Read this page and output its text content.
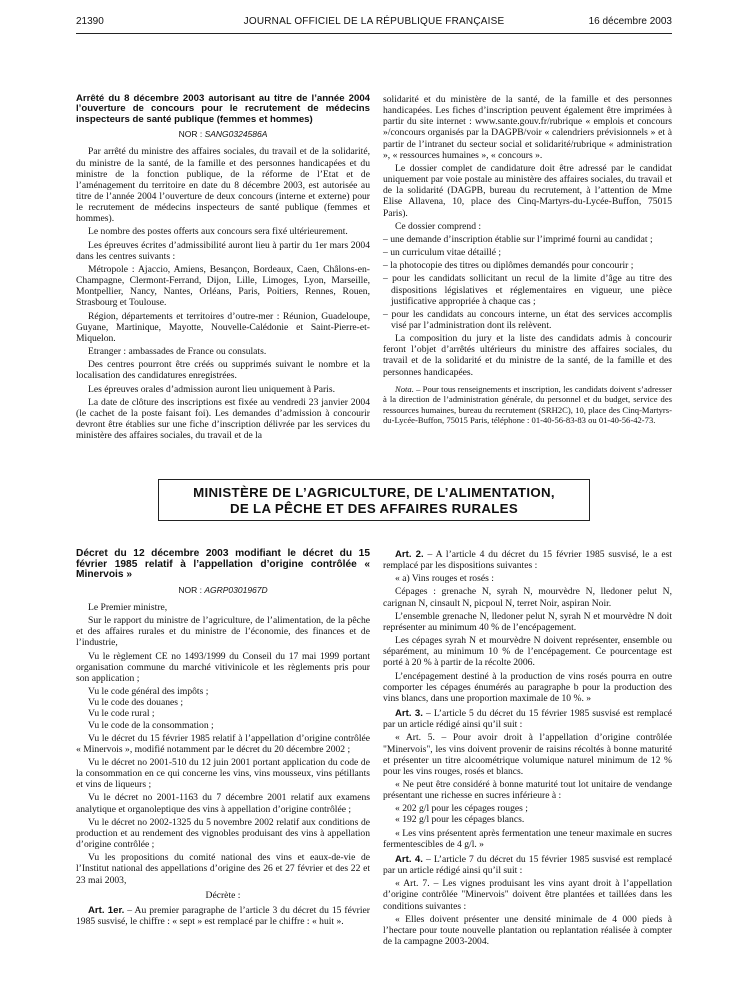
21390	JOURNAL OFFICIEL DE LA RÉPUBLIQUE FRANÇAISE	16 décembre 2003
Arrêté du 8 décembre 2003 autorisant au titre de l’année 2004 l’ouverture de concours pour le recrutement de médecins inspecteurs de santé publique (femmes et hommes)
NOR : SANG0324586A

Par arrêté du ministre des affaires sociales, du travail et de la solidarité, du ministre de la santé, de la famille et des personnes handicapées et du ministre de la fonction publique, de la réforme de l’Etat et de l’aménagement du territoire en date du 8 décembre 2003, est autorisée au titre de l’année 2004 l’ouverture de deux concours (interne et externe) pour le recrutement de médecins inspecteurs de santé publique (femmes et hommes).

Le nombre des postes offerts aux concours sera fixé ultérieurement.

Les épreuves écrites d’admissibilité auront lieu à partir du 1er mars 2004 dans les centres suivants :

Métropole : Ajaccio, Amiens, Besançon, Bordeaux, Caen, Châlons-en-Champagne, Clermont-Ferrand, Dijon, Lille, Limoges, Lyon, Marseille, Montpellier, Nancy, Nantes, Orléans, Paris, Poitiers, Rennes, Rouen, Strasbourg et Toulouse.

Région, départements et territoires d’outre-mer : Réunion, Guadeloupe, Guyane, Martinique, Mayotte, Nouvelle-Calédonie et Saint-Pierre-et-Miquelon.

Etranger : ambassades de France ou consulats.

Des centres pourront être créés ou supprimés suivant le nombre et la localisation des candidatures enregistrées.

Les épreuves orales d’admission auront lieu uniquement à Paris.

La date de clôture des inscriptions est fixée au vendredi 23 janvier 2004 (le cachet de la poste faisant foi). Les demandes d’admission à concourir devront être établies sur une fiche d’inscription délivrée par les services du ministère des affaires sociales, du travail et de la

solidarité et du ministère de la santé, de la famille et des personnes handicapées. Les fiches d’inscription peuvent également être imprimées à partir du site internet : www.sante.gouv.fr/rubrique « emplois et concours »/concours organisés par la DAGPB/voir « calendriers prévisionnels » et à partir de l’intranet du secteur social et solidarité/rubrique « administration », « ressources humaines », « concours ».

Le dossier complet de candidature doit être adressé par le candidat uniquement par voie postale au ministère des affaires sociales, du travail et de la solidarité (DAGPB, bureau du recrutement, à l’attention de Mme Elise Allavena, 10, place des Cinq-Martyrs-du-Lycée-Buffon, 75015 Paris).

Ce dossier comprend :

– une demande d’inscription établie sur l’imprimé fourni au candidat ;

– un curriculum vitae détaillé ;

– la photocopie des titres ou diplômes demandés pour concourir ;

– pour les candidats sollicitant un recul de la limite d’âge au titre des dispositions législatives et réglementaires en vigueur, une pièce justificative appropriée à chaque cas ;

– pour les candidats au concours interne, un état des services accomplis visé par l’administration dont ils relèvent.

La composition du jury et la liste des candidats admis à concourir feront l’objet d’arrêtés ultérieurs du ministre des affaires sociales, du travail et de la solidarité et du ministre de la santé, de la famille et des personnes handicapées.

Nota. – Pour tous renseignements et inscription, les candidats doivent s’adresser à la direction de l’administration générale, du personnel et du budget, service des ressources humaines, bureau du recrutement (SRH2C), 10, place des Cinq-Martyrs-du-Lycée-Buffon, 75015 Paris, téléphone : 01-40-56-83-83 ou 01-40-56-42-73.

MINISTÈRE DE L’AGRICULTURE, DE L’ALIMENTATION,
DE LA PÊCHE ET DES AFFAIRES RURALES
Décret du 12 décembre 2003 modifiant le décret du 15 février 1985 relatif à l’appellation d’origine contrôlée « Minervois »
NOR : AGRP0301967D

Le Premier ministre,

Sur le rapport du ministre de l’agriculture, de l’alimentation, de la pêche et des affaires rurales et du ministre de l’économie, des finances et de l’industrie,

Vu le règlement CE no 1493/1999 du Conseil du 17 mai 1999 portant organisation commune du marché vitivinicole et les règlements pris pour son application ;

Vu le code général des impôts ;

Vu le code des douanes ;

Vu le code rural ;

Vu le code de la consommation ;

Vu le décret du 15 février 1985 relatif à l’appellation d’origine contrôlée « Minervois », modifié notamment par le décret du 20 décembre 2002 ;

Vu le décret no 2001-510 du 12 juin 2001 portant application du code de la consommation en ce qui concerne les vins, vins mousseux, vins pétillants et vins de liqueurs ;

Vu le décret no 2001-1163 du 7 décembre 2001 relatif aux examens analytique et organoleptique des vins à appellation d’origine contrôlée ;

Vu le décret no 2002-1325 du 5 novembre 2002 relatif aux conditions de production et au rendement des vignobles produisant des vins à appellation d’origine contrôlée ;

Vu les propositions du comité national des vins et eaux-de-vie de l’Institut national des appellations d’origine des 26 et 27 février et des 22 et 23 mai 2003,

Décrète :

Art. 1er. – Au premier paragraphe de l’article 3 du décret du 15 février 1985 susvisé, le chiffre : « sept » est remplacé par le chiffre : « huit ».

Art. 2. – A l’article 4 du décret du 15 février 1985 susvisé, le a est remplacé par les dispositions suivantes :

« a) Vins rouges et rosés :

Cépages : grenache N, syrah N, mourvèdre N, lledoner pelut N, carignan N, cinsault N, picpoul N, terret Noir, aspiran Noir.

L’ensemble grenache N, lledoner pelut N, syrah N et mourvèdre N doit représenter au minimum 40 % de l’encépagement.

Les cépages syrah N et mourvèdre N doivent représenter, ensemble ou séparément, au minimum 10 % de l’encépagement. Ce pourcentage est porté à 20 % à partir de la récolte 2006.

L’encépagement destiné à la production de vins rosés pourra en outre comporter les cépages énumérés au paragraphe b pour la production des vins blancs, dans une proportion maximale de 10 %. »

Art. 3. – L’article 5 du décret du 15 février 1985 susvisé est remplacé par un article rédigé ainsi qu’il suit :

« Art. 5. – Pour avoir droit à l’appellation d’origine contrôlée "Minervois", les vins doivent provenir de raisins récoltés à bonne maturité et présenter un titre alcoométrique volumique naturel minimum de 12 % pour les vins rouges, rosés et blancs.

« Ne peut être considéré à bonne maturité tout lot unitaire de vendange présentant une richesse en sucres inférieure à :

« 202 g/l pour les cépages rouges ;

« 192 g/l pour les cépages blancs.

« Les vins présentent après fermentation une teneur maximale en sucres fermentescibles de 4 g/l. »

Art. 4. – L’article 7 du décret du 15 février 1985 susvisé est remplacé par un article rédigé ainsi qu’il suit :

« Art. 7. – Les vignes produisant les vins ayant droit à l’appellation d’origine contrôlée "Minervois" doivent être plantées et taillées dans les conditions suivantes :

« Elles doivent présenter une densité minimale de 4 000 pieds à l’hectare pour toute nouvelle plantation ou replantation réalisée à compter de la campagne 2003-2004.
